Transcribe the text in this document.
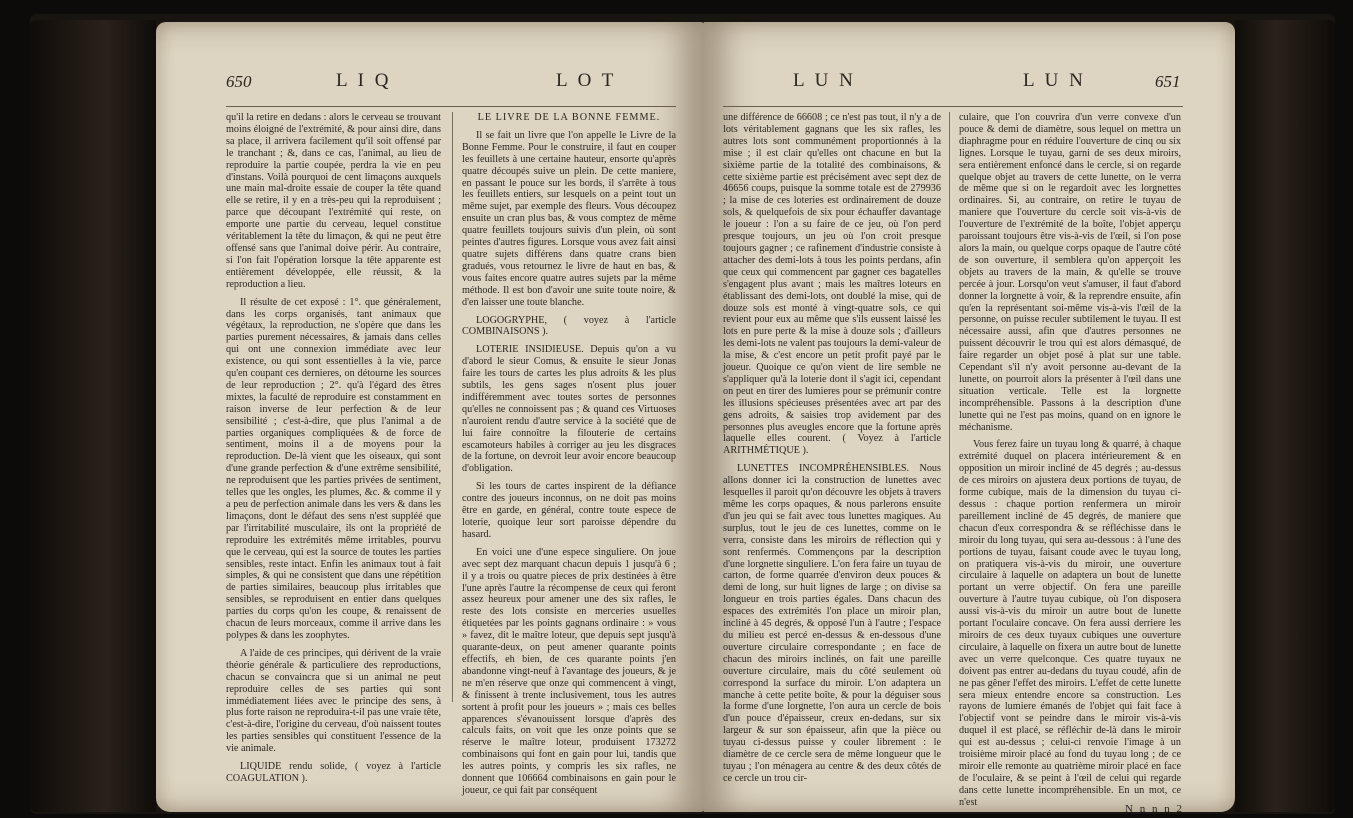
650	L I Q	L O T

qu'il la retire en dedans : alors le cerveau se trouvant moins éloigné de l'extrémité, & pour ainsi dire, dans sa place, il arrivera facilement qu'il soit offensé par le tranchant ; &, dans ce cas, l'animal, au lieu de reproduire la partie coupée, perdra la vie en peu d'instans. Voilà pourquoi de cent limaçons auxquels une main mal-droite essaie de couper la tête quand elle se retire, il y en a très-peu qui la reproduisent ; parce que découpant l'extrémité qui reste, on emporte une partie du cerveau, lequel constitue véritablement la tête du limaçon, & qui ne peut être offensé sans que l'animal doive périr. Au contraire, si l'on fait l'opération lorsque la tête apparente est entièrement développée, elle réussit, & la reproduction a lieu.

Il résulte de cet exposé : 1°. que généralement, dans les corps organisés, tant animaux que végétaux, la reproduction, ne s'opère que dans les parties purement nécessaires, & jamais dans celles qui ont une connexion immédiate avec leur existence, ou qui sont essentielles à la vie, parce qu'en coupant ces dernieres, on détourne les sources de leur reproduction ; 2°. qu'à l'égard des êtres mixtes, la faculté de reproduire est constamment en raison inverse de leur perfection & de leur sensibilité ; c'est-à-dire, que plus l'animal a de parties organiques compliquées & de force de sentiment, moins il a de moyens pour la reproduction. De-là vient que les oiseaux, qui sont d'une grande perfection & d'une extrême sensibilité, ne reproduisent que les parties privées de sentiment, telles que les ongles, les plumes, &c. & comme il y a peu de perfection animale dans les vers & dans les limaçons, dont le défaut des sens n'est suppléé que par l'irritabilité musculaire, ils ont la propriété de reproduire les extrémités même irritables, pourvu que le cerveau, qui est la source de toutes les parties sensibles, reste intact. Enfin les animaux tout à fait simples, & qui ne consistent que dans une répétition de parties similaires, beaucoup plus irritables que sensibles, se reproduisent en entier dans quelques parties du corps qu'on les coupe, & renaissent de chacun de leurs morceaux, comme il arrive dans les polypes & dans les zoophytes.

A l'aide de ces principes, qui dérivent de la vraie théorie générale & particuliere des reproductions, chacun se convaincra que si un animal ne peut reproduire celles de ses parties qui sont immédiatement liées avec le principe des sens, à plus forte raison ne reproduira-t-il pas une vraie tête, c'est-à-dire, l'origine du cerveau, d'où naissent toutes les parties sensibles qui constituent l'essence de la vie animale.

LIQUIDE rendu solide, ( voyez à l'article COAGULATION ).

LE LIVRE DE LA BONNE FEMME.

Il se fait un livre que l'on appelle le Livre de la Bonne Femme. Pour le construire, il faut en couper les feuillets à une certaine hauteur, ensorte qu'après quatre découpés suive un plein. De cette maniere, en passant le pouce sur les bords, il s'arrête à tous les feuillets entiers, sur lesquels on a peint tout un même sujet, par exemple des fleurs. Vous découpez ensuite un cran plus bas, & vous comptez de même quatre feuillets toujours suivis d'un plein, où sont peintes d'autres figures. Lorsque vous avez fait ainsi quatre sujets différens dans quatre crans bien gradués, vous retournez le livre de haut en bas, & vous faites encore quatre autres sujets par la même méthode. Il est bon d'avoir une suite toute noire, & d'en laisser une toute blanche.

LOGOGRYPHE, ( voyez à l'article COMBINAISONS ).

LOTERIE INSIDIEUSE. Depuis qu'on a vu d'abord le sieur Comus, & ensuite le sieur Jonas faire les tours de cartes les plus adroits & les plus subtils, les gens sages n'osent plus jouer indifféremment avec toutes sortes de personnes qu'elles ne connoissent pas ; & quand ces Virtuoses n'auroient rendu d'autre service à la société que de lui faire connoître la filouterie de certains escamoteurs habiles à corriger au jeu les disgraces de la fortune, on devroit leur avoir encore beaucoup d'obligation.

Si les tours de cartes inspirent de la défiance contre des joueurs inconnus, on ne doit pas moins être en garde, en général, contre toute espece de loterie, quoique leur sort paroisse dépendre du hasard.

En voici une d'une espece singuliere. On joue avec sept dez marquant chacun depuis 1 jusqu'à 6 ; il y a trois ou quatre pieces de prix destinées à être l'une après l'autre la récompense de ceux qui feront assez heureux pour amener une des six rafles, le reste des lots consiste en merceries usuelles étiquetées par les points gagnans ordinaire : » vous » favez, dit le maître loteur, que depuis sept jusqu'à quarante-deux, on peut amener quarante points effectifs, eh bien, de ces quarante points j'en abandonne vingt-neuf à l'avantage des joueurs, & je ne m'en réserve que onze qui commencent à vingt, & finissent à trente inclusivement, tous les autres sortent à profit pour les joueurs » ; mais ces belles apparences s'évanouissent lorsque d'après des calculs faits, on voit que les onze points que se réserve le maître loteur, produisent 173272 combinaisons qui font en gain pour lui, tandis que les autres points, y compris les six rafles, ne donnent que 106664 combinaisons en gain pour le joueur, ce qui fait par conséquent

L U N	L U N	651

une différence de 66608 ; ce n'est pas tout, il n'y a de lots véritablement gagnans que les six rafles, les autres lots sont communément proportionnés à la mise ; il est clair qu'elles ont chacune en but la sixième partie de la totalité des combinaisons, & cette sixième partie est précisément avec sept dez de 46656 coups, puisque la somme totale est de 279936 ; la mise de ces loteries est ordinairement de douze sols, & quelquefois de six pour échauffer davantage le joueur : l'on a su faire de ce jeu, où l'on perd presque toujours, un jeu où l'on croit presque toujours gagner ; ce rafinement d'industrie consiste à attacher des demi-lots à tous les points perdans, afin que ceux qui commencent par gagner ces bagatelles s'engagent plus avant ; mais les maîtres loteurs en établissant des demi-lots, ont doublé la mise, qui de douze sols est monté à vingt-quatre sols, ce qui revient pour eux au même que s'ils eussent laissé les lots en pure perte & la mise à douze sols ; d'ailleurs les demi-lots ne valent pas toujours la demi-valeur de la mise, & c'est encore un petit profit payé par le joueur. Quoique ce qu'on vient de lire semble ne s'appliquer qu'à la loterie dont il s'agit ici, cependant on peut en tirer des lumieres pour se prémunir contre les illusions spécieuses présentées avec art par des gens adroits, & saisies trop avidement par des personnes plus aveugles encore que la fortune après laquelle elles courent. ( Voyez à l'article ARITHMÉTIQUE ).

LUNETTES INCOMPRÉHENSIBLES. Nous allons donner ici la construction de lunettes avec lesquelles il paroit qu'on découvre les objets à travers même les corps opaques, & nous parlerons ensuite d'un jeu qui se fait avec tous lunettes magiques. Au surplus, tout le jeu de ces lunettes, comme on le verra, consiste dans les miroirs de réflection qui y sont renfermés. Commençons par la description d'une lorgnette singuliere. L'on fera faire un tuyau de carton, de forme quarrée d'environ deux pouces & demi de long, sur huit lignes de large ; on divise sa longueur en trois parties égales. Dans chacun des espaces des extrémités l'on place un miroir plan, incliné à 45 degrés, & opposé l'un à l'autre ; l'espace du milieu est percé en-dessus & en-dessous d'une ouverture circulaire correspondante ; en face de chacun des miroirs inclinés, on fait une pareille ouverture circulaire, mais du côté seulement où correspond la surface du miroir. L'on adaptera un manche à cette petite boîte, & pour la déguiser sous la forme d'une lorgnette, l'on aura un cercle de bois d'un pouce d'épaisseur, creux en-dedans, sur six largeur & sur son épaisseur, afin que la pièce ou tuyau ci-dessus puisse y couler librement : le diamètre de ce cercle sera de même longueur que le tuyau ; l'on ménagera au centre & des deux côtés de ce cercle un trou cir-

culaire, que l'on couvrira d'un verre convexe d'un pouce & demi de diamètre, sous lequel on mettra un diaphragme pour en réduire l'ouverture de cinq ou six lignes. Lorsque le tuyau, garni de ses deux miroirs, sera entièrement enfoncé dans le cercle, si on regarde quelque objet au travers de cette lunette, on le verra de même que si on le regardoit avec les lorgnettes ordinaires. Si, au contraire, on retire le tuyau de maniere que l'ouverture du cercle soit vis-à-vis de l'ouverture de l'extrémité de la boîte, l'objet apperçu paroissant toujours être vis-à-vis de l'œil, si l'on pose alors la main, ou quelque corps opaque de l'autre côté de son ouverture, il semblera qu'on apperçoit les objets au travers de la main, & qu'elle se trouve percée à jour. Lorsqu'on veut s'amuser, il faut d'abord donner la lorgnette à voir, & la reprendre ensuite, afin qu'en la représentant soi-même vis-à-vis l'œil de la personne, on puisse reculer subtilement le tuyau. Il est nécessaire aussi, afin que d'autres personnes ne puissent découvrir le trou qui est alors démasqué, de faire regarder un objet posé à plat sur une table. Cependant s'il n'y avoit personne au-devant de la lunette, on pourroit alors la présenter à l'œil dans une situation verticale. Telle est la lorgnette incompréhensible. Passons à la description d'une lunette qui ne l'est pas moins, quand on en ignore le méchanisme.

Vous ferez faire un tuyau long & quarré, à chaque extrémité duquel on placera intérieurement & en opposition un miroir incliné de 45 degrés ; au-dessus de ces miroirs on ajustera deux portions de tuyau, de forme cubique, mais de la dimension du tuyau ci-dessus : chaque portion renfermera un miroir pareillement incliné de 45 degrés, de maniere que chacun d'eux correspondra & se réfléchisse dans le miroir du long tuyau, qui sera au-dessous : à l'une des portions de tuyau, faisant coude avec le tuyau long, on pratiquera vis-à-vis du miroir, une ouverture circulaire à laquelle on adaptera un bout de lunette portant un verre objectif. On fera une pareille ouverture à l'autre tuyau cubique, où l'on disposera aussi vis-à-vis du miroir un autre bout de lunette portant l'oculaire concave. On fera aussi derriere les miroirs de ces deux tuyaux cubiques une ouverture circulaire, à laquelle on fixera un autre bout de lunette avec un verre quelconque. Ces quatre tuyaux ne doivent pas entrer au-dedans du tuyau coudé, afin de ne pas gêner l'effet des miroirs. L'effet de cette lunette sera mieux entendre encore sa construction. Les rayons de lumiere émanés de l'objet qui fait face à l'objectif vont se peindre dans le miroir vis-à-vis duquel il est placé, se réfléchir de-là dans le miroir qui est au-dessus ; celui-ci renvoie l'image à un troisième miroir placé au fond du tuyau long ; de ce miroir elle remonte au quatrième miroir placé en face de l'oculaire, & se peint à l'œil de celui qui regarde dans cette lunette incompréhensible. En un mot, ce n'est

N n n n 2
